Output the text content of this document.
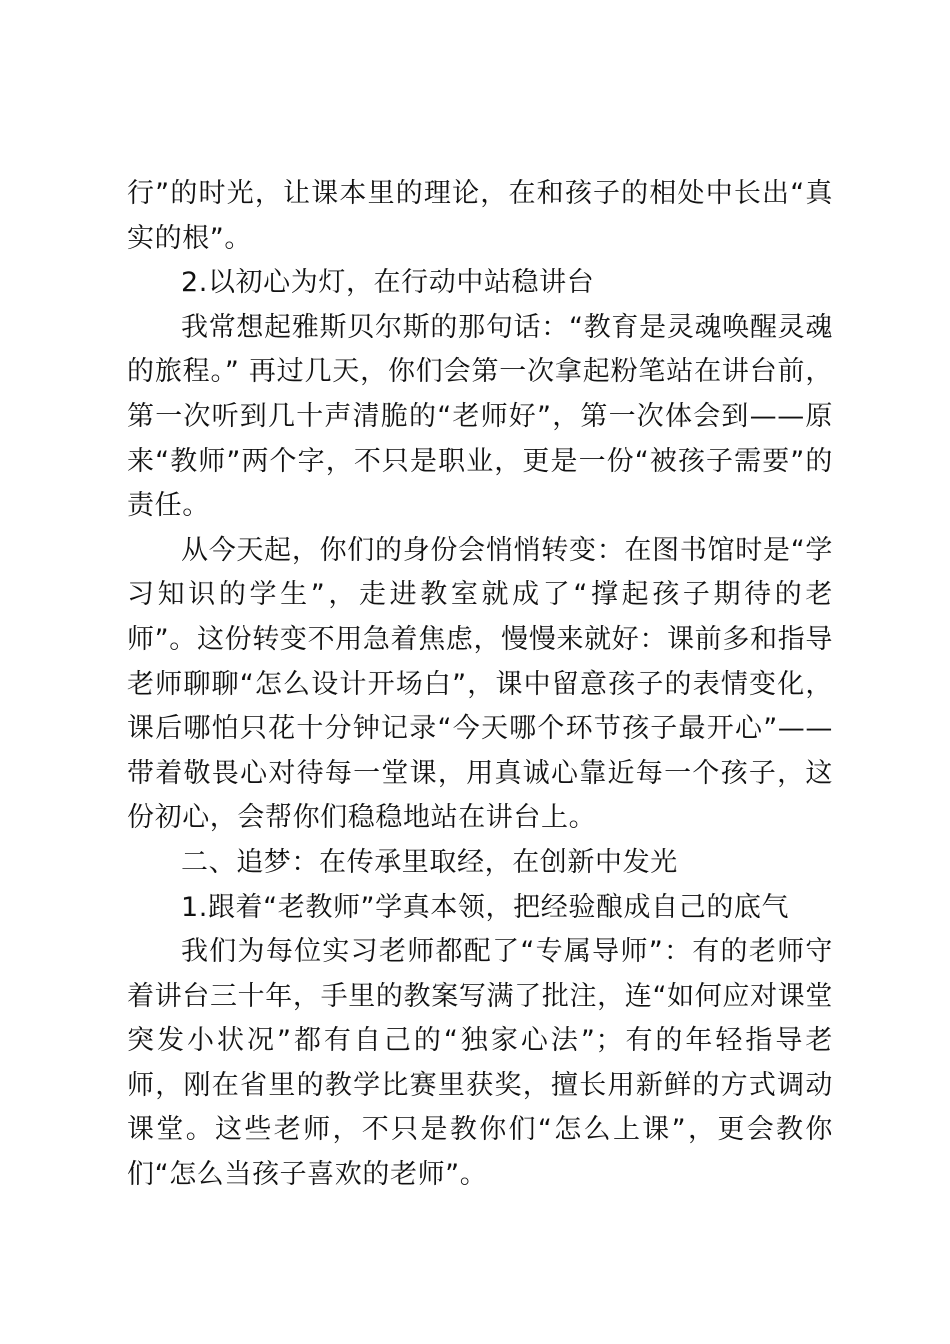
行”的时光，让课本里的理论，在和孩子的相处中长出“真实的根”。

2.以初心为灯，在行动中站稳讲台

我常想起雅斯贝尔斯的那句话：“教育是灵魂唤醒灵魂的旅程。” 再过几天，你们会第一次拿起粉笔站在讲台前，第一次听到几十声清脆的“老师好”，第一次体会到——原来“教师”两个字，不只是职业，更是一份“被孩子需要”的责任。

从今天起，你们的身份会悄悄转变：在图书馆时是“学习知识的学生”，走进教室就成了“撑起孩子期待的老师”。这份转变不用急着焦虑，慢慢来就好：课前多和指导老师聊聊“怎么设计开场白”，课中留意孩子的表情变化，课后哪怕只花十分钟记录“今天哪个环节孩子最开心”——带着敬畏心对待每一堂课，用真诚心靠近每一个孩子，这份初心，会帮你们稳稳地站在讲台上。

二、追梦：在传承里取经，在创新中发光

1.跟着“老教师”学真本领，把经验酿成自己的底气

我们为每位实习老师都配了“专属导师”：有的老师守着讲台三十年，手里的教案写满了批注，连“如何应对课堂突发小状况”都有自己的“独家心法”；有的年轻指导老师，刚在省里的教学比赛里获奖，擅长用新鲜的方式调动课堂。这些老师，不只是教你们“怎么上课”，更会教你们“怎么当孩子喜欢的老师”。
